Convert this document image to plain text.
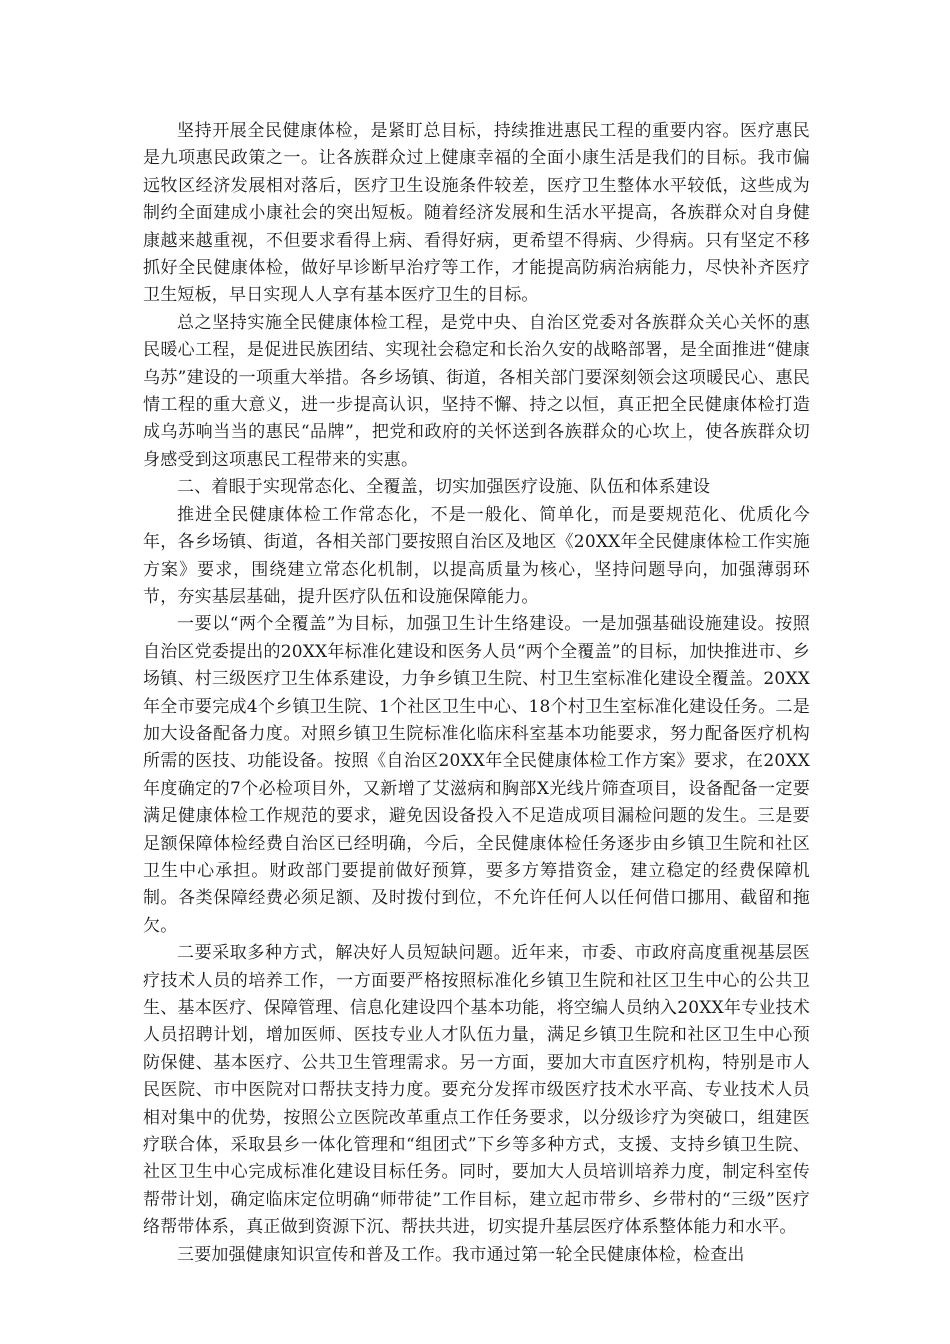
坚持开展全民健康体检，是紧盯总目标，持续推进惠民工程的重要内容。医疗惠民是九项惠民政策之一。让各族群众过上健康幸福的全面小康生活是我们的目标。我市偏远牧区经济发展相对落后，医疗卫生设施条件较差，医疗卫生整体水平较低，这些成为制约全面建成小康社会的突出短板。随着经济发展和生活水平提高，各族群众对自身健康越来越重视，不但要求看得上病、看得好病，更希望不得病、少得病。只有坚定不移抓好全民健康体检，做好早诊断早治疗等工作，才能提高防病治病能力，尽快补齐医疗卫生短板，早日实现人人享有基本医疗卫生的目标。

总之坚持实施全民健康体检工程，是党中央、自治区党委对各族群众关心关怀的惠民暖心工程，是促进民族团结、实现社会稳定和长治久安的战略部署，是全面推进“健康乌苏”建设的一项重大举措。各乡场镇、街道，各相关部门要深刻领会这项暖民心、惠民情工程的重大意义，进一步提高认识，坚持不懈、持之以恒，真正把全民健康体检打造成乌苏响当当的惠民“品牌”，把党和政府的关怀送到各族群众的心坎上，使各族群众切身感受到这项惠民工程带来的实惠。

二、着眼于实现常态化、全覆盖，切实加强医疗设施、队伍和体系建设

推进全民健康体检工作常态化，不是一般化、简单化，而是要规范化、优质化今年，各乡场镇、街道，各相关部门要按照自治区及地区《20XX年全民健康体检工作实施方案》要求，围绕建立常态化机制，以提高质量为核心，坚持问题导向，加强薄弱环节，夯实基层基础，提升医疗队伍和设施保障能力。

一要以“两个全覆盖”为目标，加强卫生计生络建设。一是加强基础设施建设。按照自治区党委提出的20XX年标准化建设和医务人员“两个全覆盖”的目标，加快推进市、乡场镇、村三级医疗卫生体系建设，力争乡镇卫生院、村卫生室标准化建设全覆盖。20XX年全市要完成4个乡镇卫生院、1个社区卫生中心、18个村卫生室标准化建设任务。二是加大设备配备力度。对照乡镇卫生院标准化临床科室基本功能要求，努力配备医疗机构所需的医技、功能设备。按照《自治区20XX年全民健康体检工作方案》要求，在20XX年度确定的7个必检项目外，又新增了艾滋病和胸部X光线片筛查项目，设备配备一定要满足健康体检工作规范的要求，避免因设备投入不足造成项目漏检问题的发生。三是要足额保障体检经费自治区已经明确，今后，全民健康体检任务逐步由乡镇卫生院和社区卫生中心承担。财政部门要提前做好预算，要多方筹措资金，建立稳定的经费保障机制。各类保障经费必须足额、及时拨付到位，不允许任何人以任何借口挪用、截留和拖欠。

二要采取多种方式，解决好人员短缺问题。近年来，市委、市政府高度重视基层医疗技术人员的培养工作，一方面要严格按照标准化乡镇卫生院和社区卫生中心的公共卫生、基本医疗、保障管理、信息化建设四个基本功能，将空编人员纳入20XX年专业技术人员招聘计划，增加医师、医技专业人才队伍力量，满足乡镇卫生院和社区卫生中心预防保健、基本医疗、公共卫生管理需求。另一方面，要加大市直医疗机构，特别是市人民医院、市中医院对口帮扶支持力度。要充分发挥市级医疗技术水平高、专业技术人员相对集中的优势，按照公立医院改革重点工作任务要求，以分级诊疗为突破口，组建医疗联合体，采取县乡一体化管理和“组团式”下乡等多种方式，支援、支持乡镇卫生院、社区卫生中心完成标准化建设目标任务。同时，要加大人员培训培养力度，制定科室传帮带计划，确定临床定位明确“师带徒”工作目标，建立起市带乡、乡带村的“三级”医疗络帮带体系，真正做到资源下沉、帮扶共进，切实提升基层医疗体系整体能力和水平。

三要加强健康知识宣传和普及工作。我市通过第一轮全民健康体检，检查出
